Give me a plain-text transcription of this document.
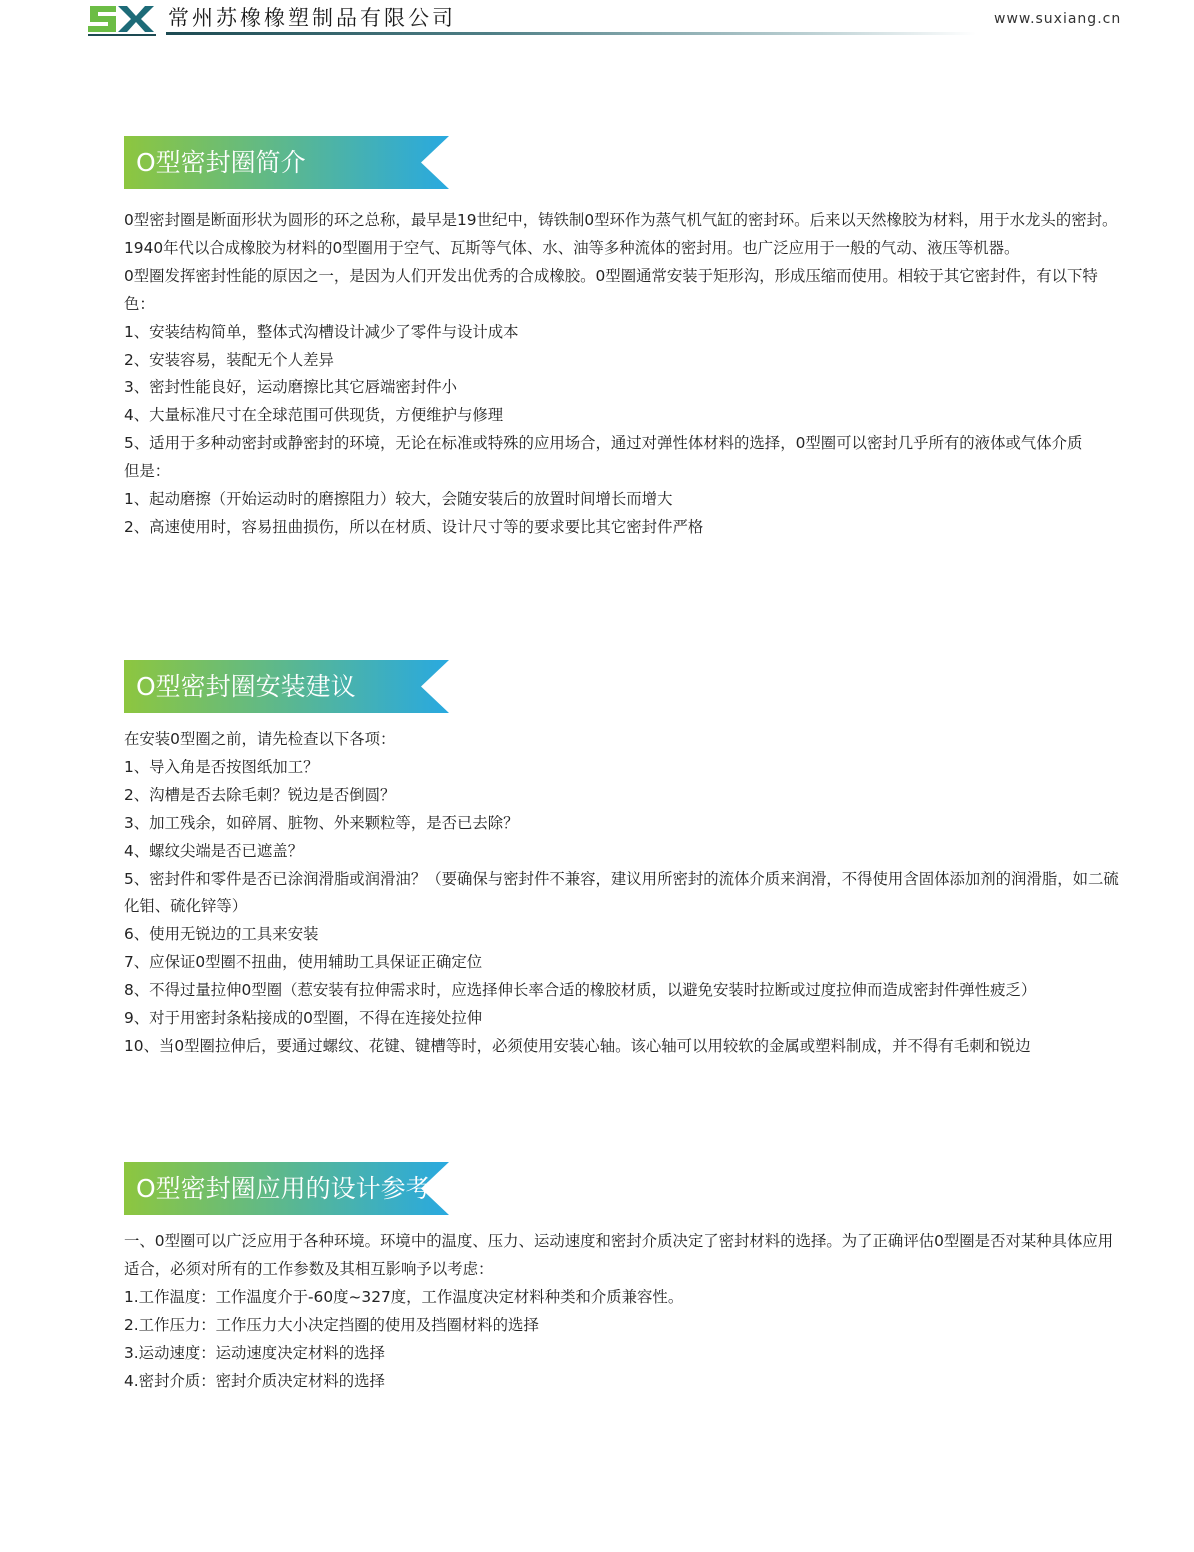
常州苏橡橡塑制品有限公司	www.suxiang.cn
O型密封圈简介

0型密封圈是断面形状为圆形的环之总称，最早是19世纪中，铸铁制0型环作为蒸气机气缸的密封环。后来以天然橡胶为材料，用于水龙头的密封。1940年代以合成橡胶为材料的0型圈用于空气、瓦斯等气体、水、油等多种流体的密封用。也广泛应用于一般的气动、液压等机器。

0型圈发挥密封性能的原因之一，是因为人们开发出优秀的合成橡胶。0型圈通常安装于矩形沟，形成压缩而使用。相较于其它密封件，有以下特色：

1、安装结构简单，整体式沟槽设计减少了零件与设计成本

2、安装容易，装配无个人差异

3、密封性能良好，运动磨擦比其它唇端密封件小

4、大量标准尺寸在全球范围可供现货，方便维护与修理

5、适用于多种动密封或静密封的环境，无论在标准或特殊的应用场合，通过对弹性体材料的选择，0型圈可以密封几乎所有的液体或气体介质

但是：

1、起动磨擦（开始运动时的磨擦阻力）较大，会随安装后的放置时间增长而增大

2、高速使用时，容易扭曲损伤，所以在材质、设计尺寸等的要求要比其它密封件严格

O型密封圈安装建议

在安装0型圈之前，请先检查以下各项：

1、导入角是否按图纸加工？

2、沟槽是否去除毛刺？锐边是否倒圆？

3、加工残余，如碎屑、脏物、外来颗粒等，是否已去除？

4、螺纹尖端是否已遮盖？

5、密封件和零件是否已涂润滑脂或润滑油？（要确保与密封件不兼容，建议用所密封的流体介质来润滑，不得使用含固体添加剂的润滑脂，如二硫化钼、硫化锌等）

6、使用无锐边的工具来安装

7、应保证0型圈不扭曲，使用辅助工具保证正确定位

8、不得过量拉伸0型圈（惹安装有拉伸需求时，应选择伸长率合适的橡胶材质，以避免安装时拉断或过度拉伸而造成密封件弹性疲乏）

9、对于用密封条粘接成的0型圈，不得在连接处拉伸

10、当0型圈拉伸后，要通过螺纹、花键、键槽等时，必须使用安装心轴。该心轴可以用较软的金属或塑料制成，并不得有毛刺和锐边

O型密封圈应用的设计参考

一、0型圈可以广泛应用于各种环境。环境中的温度、压力、运动速度和密封介质决定了密封材料的选择。为了正确评估0型圈是否对某种具体应用适合，必须对所有的工作参数及其相互影响予以考虑：

1.工作温度：工作温度介于-60度~327度，工作温度决定材料种类和介质兼容性。

2.工作压力：工作压力大小决定挡圈的使用及挡圈材料的选择

3.运动速度：运动速度决定材料的选择

4.密封介质：密封介质决定材料的选择
